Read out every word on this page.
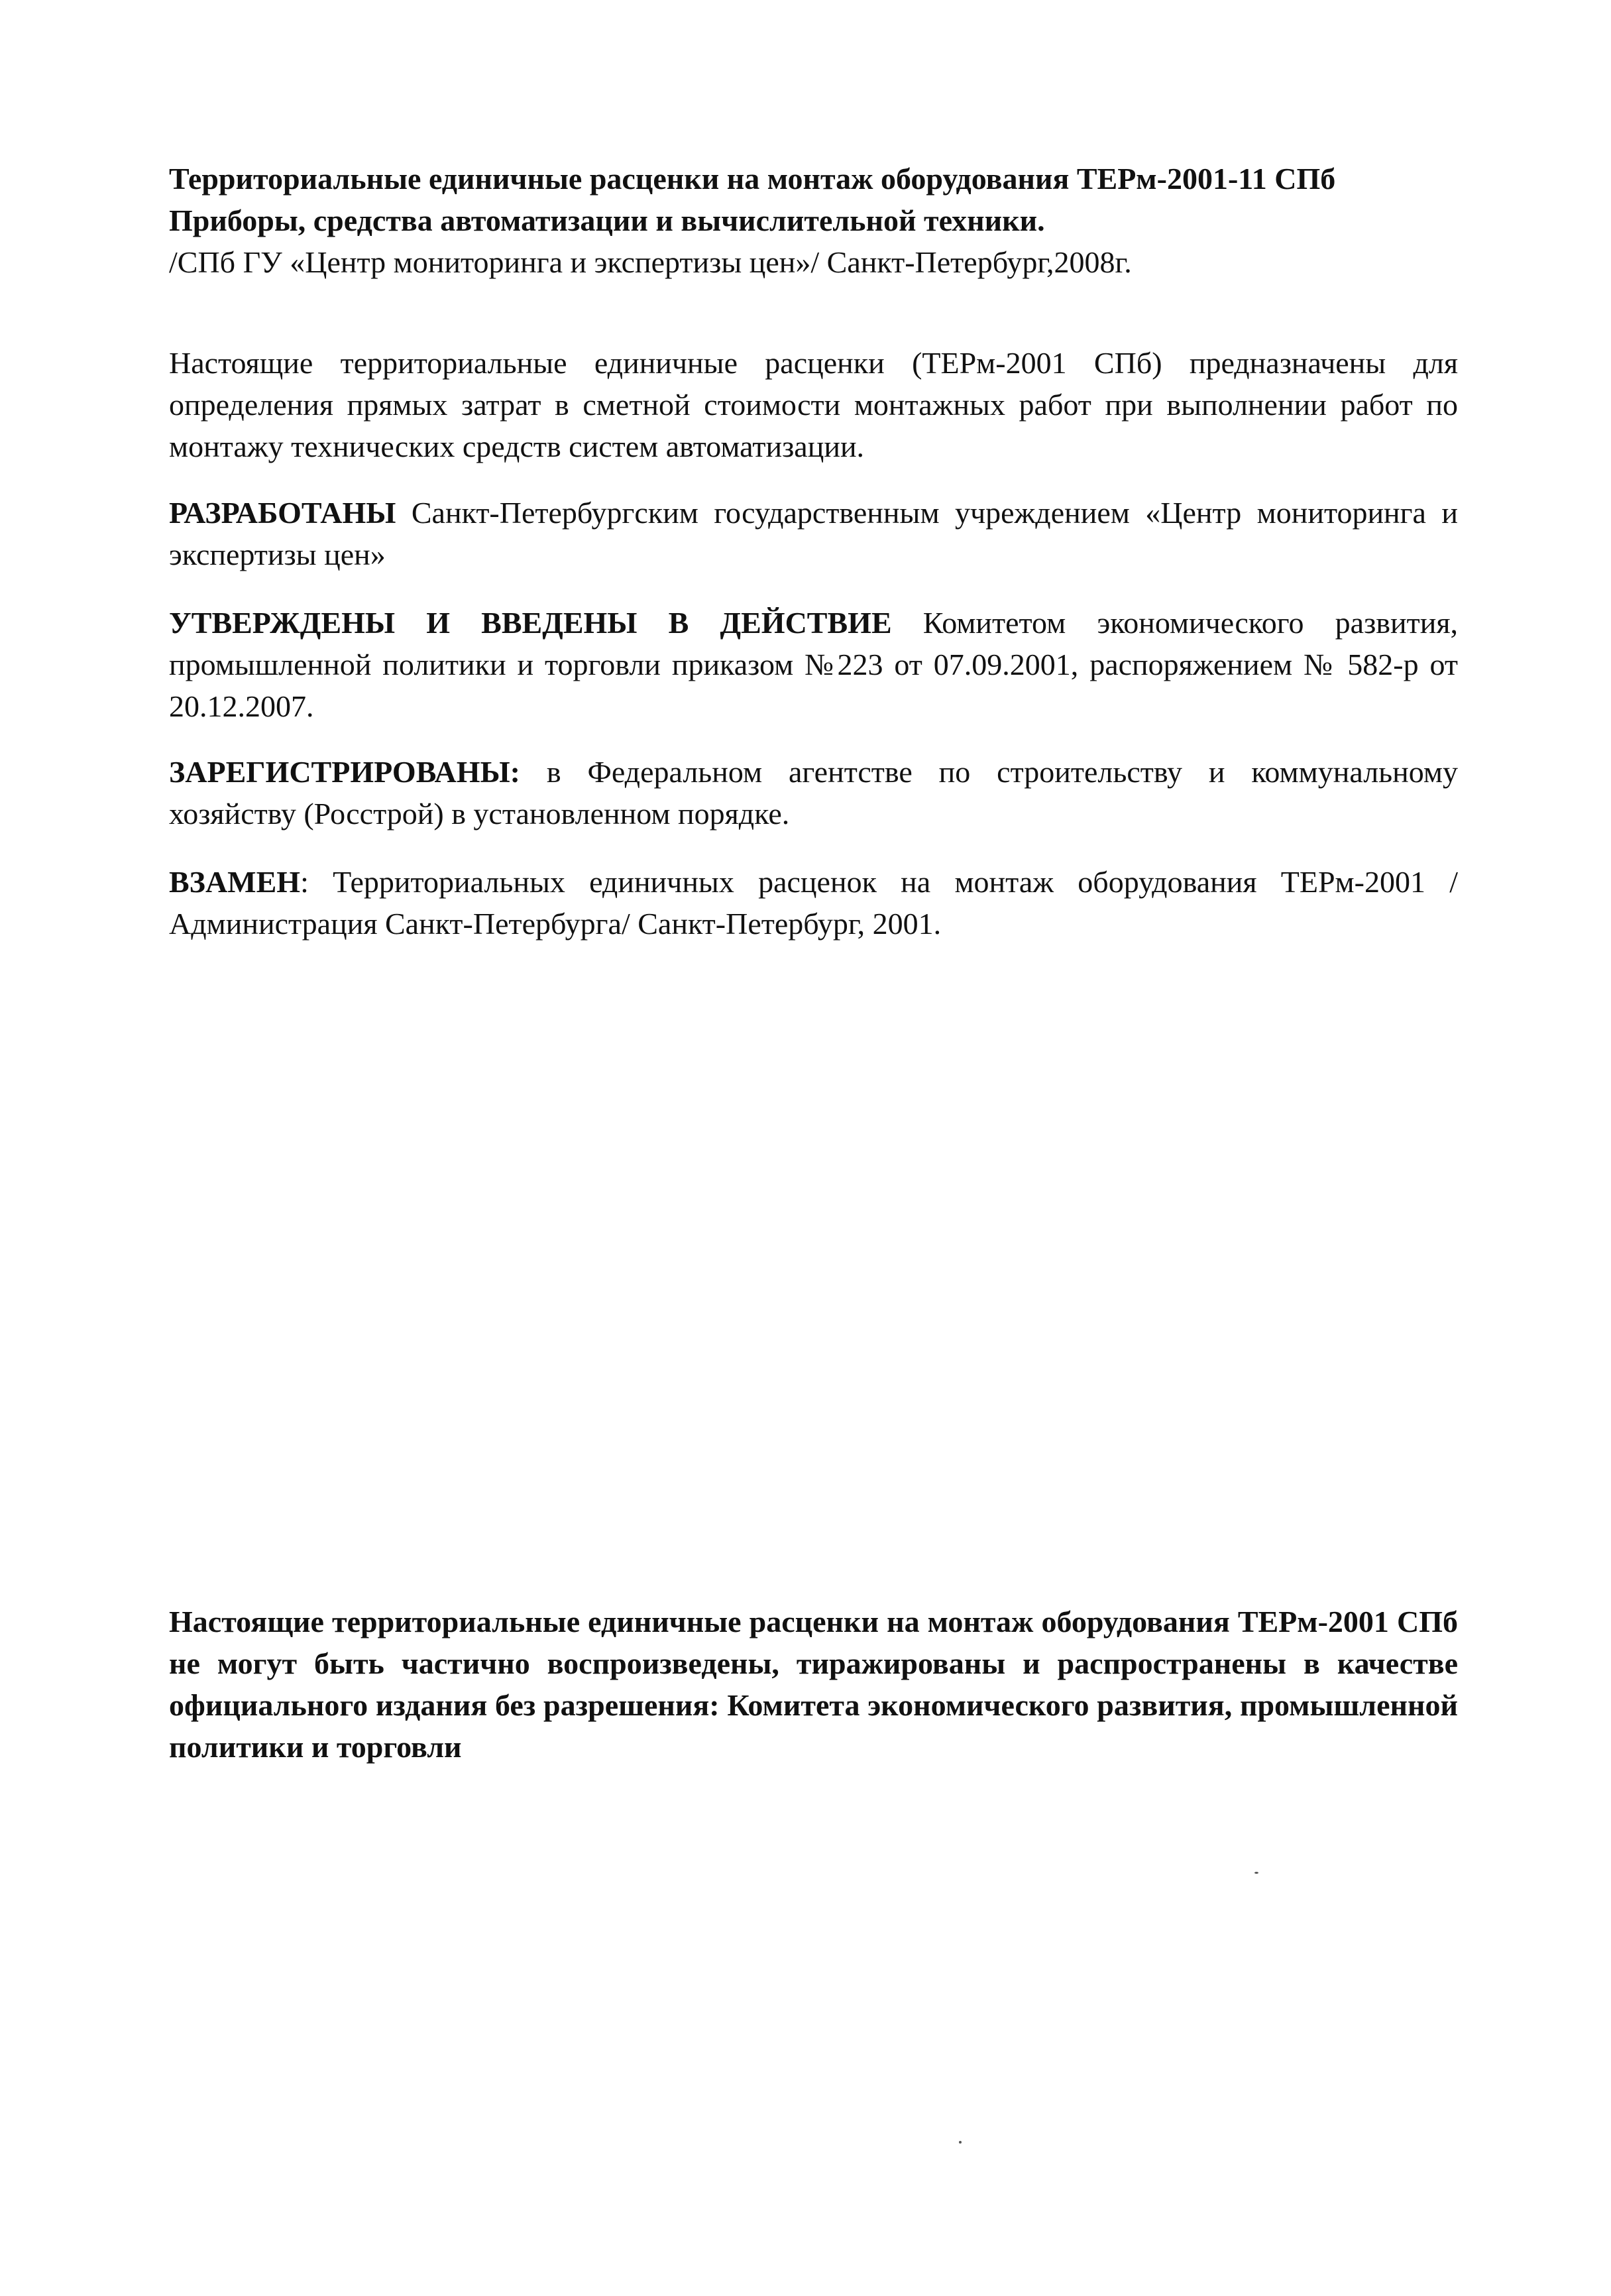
Территориальные единичные расценки на монтаж оборудования ТЕРм-2001-11 СПб
Приборы, средства автоматизации и вычислительной техники.
/СПб ГУ «Центр мониторинга и экспертизы цен»/ Санкт-Петербург,2008г.

Настоящие территориальные единичные расценки (ТЕРм-2001 СПб) предназначены для определения прямых затрат в сметной стоимости монтажных работ при выполнении работ по монтажу технических средств систем автоматизации.

РАЗРАБОТАНЫ Санкт-Петербургским государственным учреждением «Центр мониторинга и экспертизы цен»

УТВЕРЖДЕНЫ И ВВЕДЕНЫ В ДЕЙСТВИЕ Комитетом экономического развития, промышленной политики и торговли приказом №223 от 07.09.2001, распоряжением № 582-р от 20.12.2007.

ЗАРЕГИСТРИРОВАНЫ: в Федеральном агентстве по строительству и коммунальному хозяйству (Росстрой) в установленном порядке.

ВЗАМЕН: Территориальных единичных расценок на монтаж оборудования ТЕРм-2001 /Администрация Санкт-Петербурга/ Санкт-Петербург, 2001.

Настоящие территориальные единичные расценки на монтаж оборудования ТЕРм-2001 СПб не могут быть частично воспроизведены, тиражированы и распространены в качестве официального издания без разрешения: Комитета экономического развития, промышленной политики и торговли
